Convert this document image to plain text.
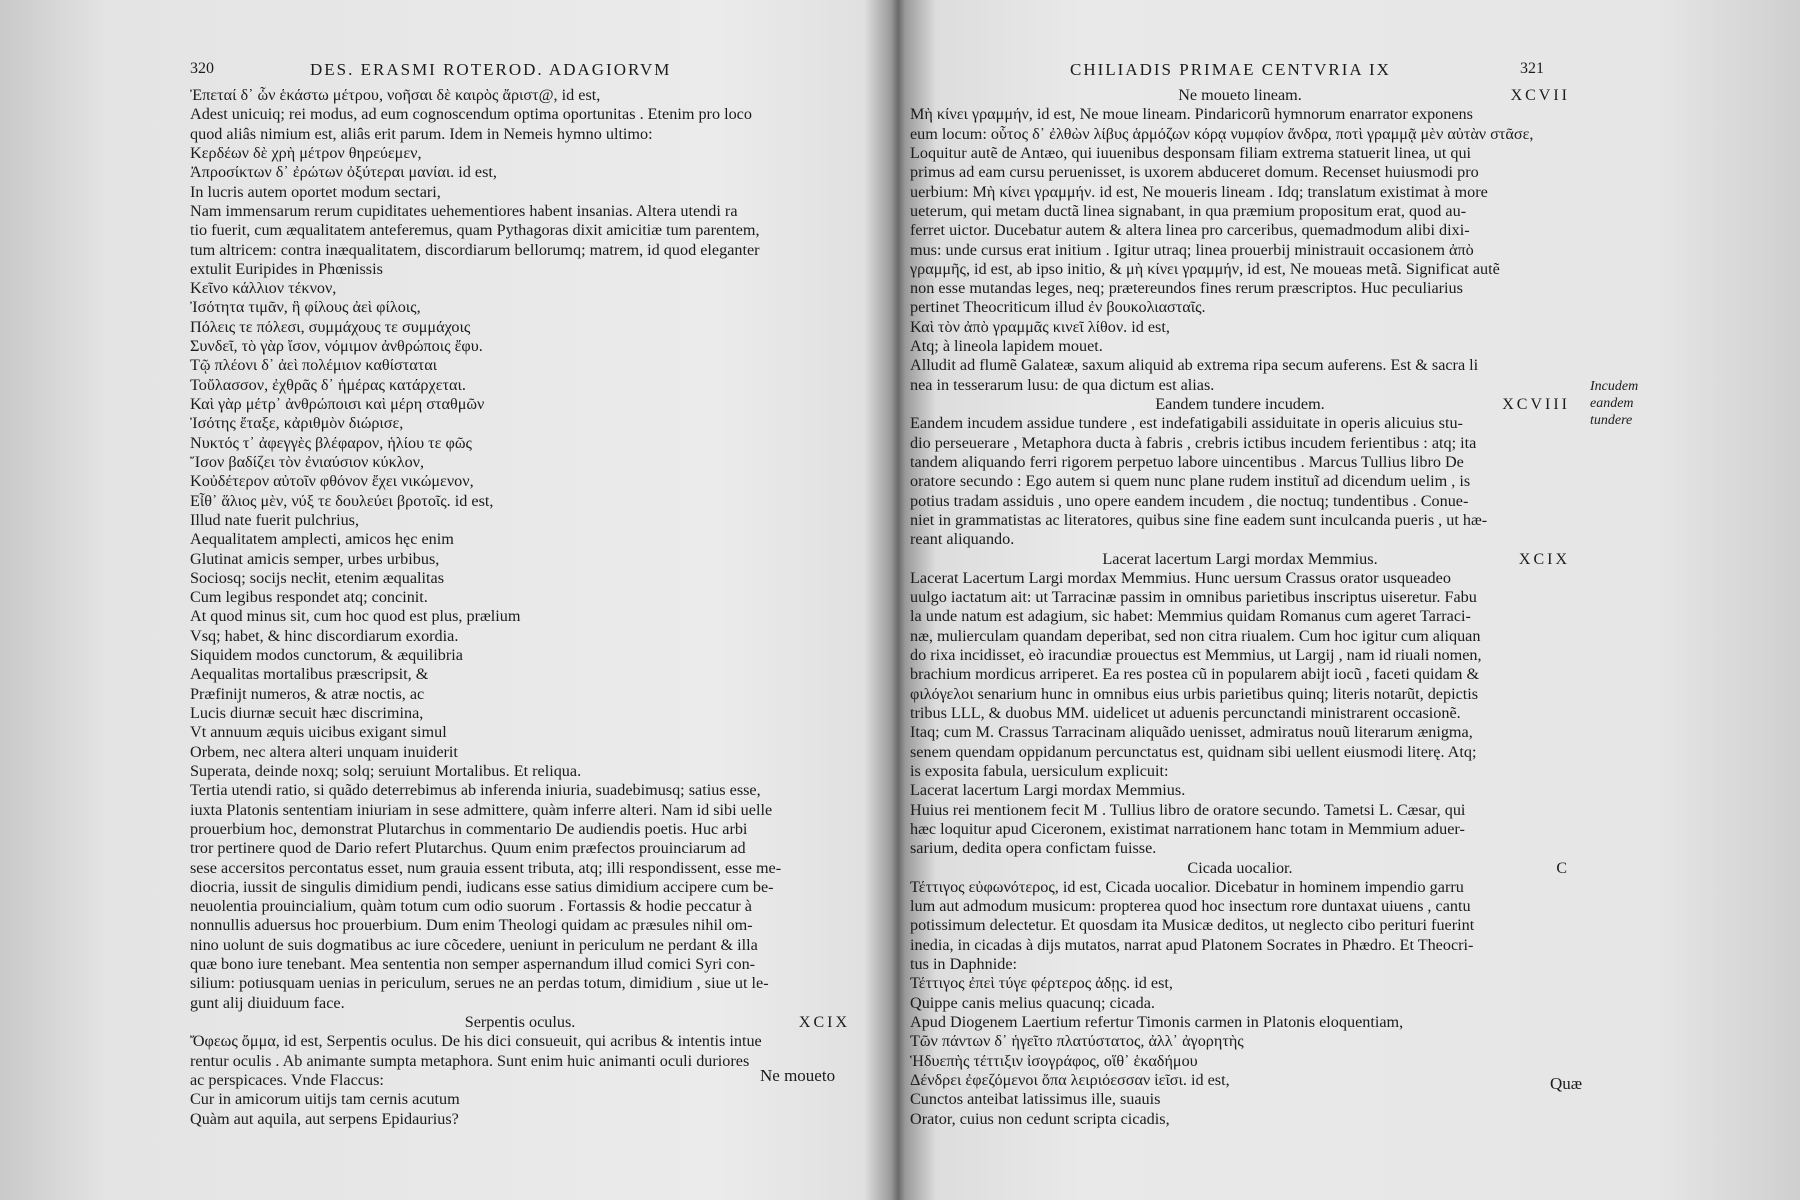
320	DES. ERASMI ROTEROD. ADAGIORVM
Ἐπεταί δ᾽ ὧν ἑκάστω μέτρου, νοῆσαι δὲ καιρὸς ἄριστ@, id est,
Adest unicuiq; rei modus, ad eum cognoscendum optima oportunitas . Etenim pro loco
quod aliâs nimium est, aliâs erit parum. Idem in Nemeis hymno ultimo:
Κερδέων δὲ χρὴ μέτρον θηρεύεμεν,
Ἀπροσίκτων δ᾽ ἐρώτων ὀξύτεραι μανίαι. id est,
In lucris autem oportet modum sectari,
Nam immensarum rerum cupiditates uehementiores habent insanias. Altera utendi ra
tio fuerit, cum æqualitatem anteferemus, quam Pythagoras dixit amicitiæ tum parentem,
tum altricem: contra inæqualitatem, discordiarum bellorumq; matrem, id quod eleganter
extulit Euripides in Phœnissis
Κεῖνο κάλλιον τέκνον,
Ἰσότητα τιμᾶν, ἣ φίλους ἀεὶ φίλοις,
Πόλεις τε πόλεσι, συμμάχους τε συμμάχοις
Συνδεῖ, τὸ γὰρ ἴσον, νόμιμον ἀνθρώποις ἔφυ.
Τῷ πλέονι δ᾽ ἀεὶ πολέμιον καθίσταται
Τοὔλασσον, ἐχθρᾶς δ᾽ ἡμέρας κατάρχεται.
Καὶ γὰρ μέτρ᾽ ἀνθρώποισι καὶ μέρη σταθμῶν
Ἰσότης ἔταξε, κἀριθμὸν διώρισε,
Νυκτός τ᾽ ἀφεγγὲς βλέφαρον, ἡλίου τε φῶς
Ἴσον βαδίζει τὸν ἐνιαύσιον κύκλον,
Κοὐδέτερον αὐτοῖν φθόνον ἔχει νικώμενον,
Εἶθ᾽ ἅλιος μὲν, νύξ τε δουλεύει βροτοῖς. id est,
Illud nate fuerit pulchrius,
Aequalitatem amplecti, amicos hęc enim
Glutinat amicis semper, urbes urbibus,
Sociosq; socijs necłit, etenim æqualitas
Cum legibus respondet atq; concinit.
At quod minus sit, cum hoc quod est plus, prælium
Vsq; habet, & hinc discordiarum exordia.
Siquidem modos cunctorum, & æquilibria
Aequalitas mortalibus præscripsit, &
Præfinijt numeros, & atræ noctis, ac
Lucis diurnæ secuit hæc discrimina,
Vt annuum æquis uicibus exigant simul
Orbem, nec altera alteri unquam inuiderit
Superata, deinde noxq; solq; seruiunt Mortalibus. Et reliqua.
Tertia utendi ratio, si quãdo deterrebimus ab inferenda iniuria, suadebimusq; satius esse,
iuxta Platonis sententiam iniuriam in sese admittere, quàm inferre alteri. Nam id sibi uelle
prouerbium hoc, demonstrat Plutarchus in commentario De audiendis poetis. Huc arbi
tror pertinere quod de Dario refert Plutarchus. Quum enim præfectos prouinciarum ad
sese accersitos percontatus esset, num grauia essent tributa, atq; illi respondissent, esse me-
diocria, iussit de singulis dimidium pendi, iudicans esse satius dimidium accipere cum be-
neuolentia prouincialium, quàm totum cum odio suorum . Fortassis & hodie peccatur à
nonnullis aduersus hoc prouerbium. Dum enim Theologi quidam ac præsules nihil om-
nino uolunt de suis dogmatibus ac iure cõcedere, ueniunt in periculum ne perdant & illa
quæ bono iure tenebant. Mea sententia non semper aspernandum illud comici Syri con-
silium: potiusquam uenias in periculum, serues ne an perdas totum, dimidium , siue ut le-
gunt alij diuiduum face.
Serpentis oculus.	XCIX
Ὄφεως ὄμμα, id est, Serpentis oculus. De his dici consueuit, qui acribus & intentis intue
rentur oculis . Ab animante sumpta metaphora. Sunt enim huic animanti oculi duriores
ac perspicaces. Vnde Flaccus:
Cur in amicorum uitijs tam cernis acutum
Quàm aut aquila, aut serpens Epidaurius?
Ne moueto
CHILIADIS PRIMAE CENTVRIA IX	321
Ne moueto lineam.	XCVII
Μὴ κίνει γραμμήν, id est, Ne moue lineam. Pindaricorũ hymnorum enarrator exponens
eum locum: οὗτος δ᾽ ἐλθὼν λίβυς ἁρμόζων κόρᾳ νυμφίον ἄνδρα, ποτὶ γραμμᾷ μὲν αὐτὰν στᾶσε,
Loquitur autẽ de Antæo, qui iuuenibus desponsam filiam extrema statuerit linea, ut qui
primus ad eam cursu peruenisset, is uxorem abduceret domum. Recenset huiusmodi pro
uerbium: Μὴ κίνει γραμμήν. id est, Ne moueris lineam . Idq; translatum existimat à more
ueterum, qui metam ductã linea signabant, in qua præmium propositum erat, quod au-
ferret uictor. Ducebatur autem & altera linea pro carceribus, quemadmodum alibi dixi-
mus: unde cursus erat initium . Igitur utraq; linea prouerbij ministrauit occasionem ἀπὸ
γραμμῆς, id est, ab ipso initio, & μὴ κίνει γραμμήν, id est, Ne moueas metã. Significat autẽ
non esse mutandas leges, neq; prætereundos fines rerum præscriptos. Huc peculiarius
pertinet Theocriticum illud ἐν βουκολιασταῖς.
Καὶ τὸν ἀπὸ γραμμᾶς κινεῖ λίθον. id est,
Atq; à lineola lapidem mouet.
Alludit ad flumẽ Galateæ, saxum aliquid ab extrema ripa secum auferens. Est & sacra li
nea in tesserarum lusu: de qua dictum est alias.
Eandem tundere incudem.	XCVIII
Eandem incudem assidue tundere , est indefatigabili assiduitate in operis alicuius stu-
dio perseuerare , Metaphora ducta à fabris , crebris ictibus incudem ferientibus : atq; ita
tandem aliquando ferri rigorem perpetuo labore uincentibus . Marcus Tullius libro De
oratore secundo : Ego autem si quem nunc plane rudem instituĩ ad dicendum uelim , is
potius tradam assiduis , uno opere eandem incudem , die noctuq; tundentibus . Conue-
niet in grammatistas ac literatores, quibus sine fine eadem sunt inculcanda pueris , ut hæ-
reant aliquando.
Lacerat lacertum Largi mordax Memmius.	XCIX
Lacerat Lacertum Largi mordax Memmius. Hunc uersum Crassus orator usqueadeo
uulgo iactatum ait: ut Tarracinæ passim in omnibus parietibus inscriptus uiseretur. Fabu
la unde natum est adagium, sic habet: Memmius quidam Romanus cum ageret Tarraci-
næ, mulierculam quandam deperibat, sed non citra riualem. Cum hoc igitur cum aliquan
do rixa incidisset, eò iracundiæ prouectus est Memmius, ut Largij , nam id riuali nomen,
brachium mordicus arriperet. Ea res postea cũ in popularem abijt iocũ , faceti quidam &
φιλόγελοι senarium hunc in omnibus eius urbis parietibus quinq; literis notarũt, depictis
tribus LLL, & duobus MM. uidelicet ut aduenis percunctandi ministrarent occasionẽ.
Itaq; cum M. Crassus Tarracinam aliquãdo uenisset, admiratus nouũ literarum ænigma,
senem quendam oppidanum percunctatus est, quidnam sibi uellent eiusmodi literę. Atq;
is exposita fabula, uersiculum explicuit:
Lacerat lacertum Largi mordax Memmius.
Huius rei mentionem fecit M . Tullius libro de oratore secundo. Tametsi L. Cæsar, qui
hæc loquitur apud Ciceronem, existimat narrationem hanc totam in Memmium aduer-
sarium, dedita opera confictam fuisse.
Cicada uocalior.	C
Τέττιγος εὐφωνότερος, id est, Cicada uocalior. Dicebatur in hominem impendio garru
lum aut admodum musicum: propterea quod hoc insectum rore duntaxat uiuens , cantu
potissimum delectetur. Et quosdam ita Musicæ deditos, ut neglecto cibo perituri fuerint
inedia, in cicadas à dijs mutatos, narrat apud Platonem Socrates in Phædro. Et Theocri-
tus in Daphnide:
Τέττιγος ἐπεὶ τύγε φέρτερος ἀδῃς. id est,
Quippe canis melius quacunq; cicada.
Apud Diogenem Laertium refertur Timonis carmen in Platonis eloquentiam,
Τῶν πάντων δ᾽ ἡγεῖτο πλατύστατος, ἀλλ᾽ ἀγορητὴς
Ἡδυεπὴς τέττιξιν ἰσογράφος, οἵθ᾽ ἑκαδήμου
Δένδρει ἐφεζόμενοι ὄπα λειριόεσσαν ἱεῖσι. id est,
Cunctos anteibat latissimus ille, suauis
Orator, cuius non cedunt scripta cicadis,
Incudem eandem tundere
Quæ
